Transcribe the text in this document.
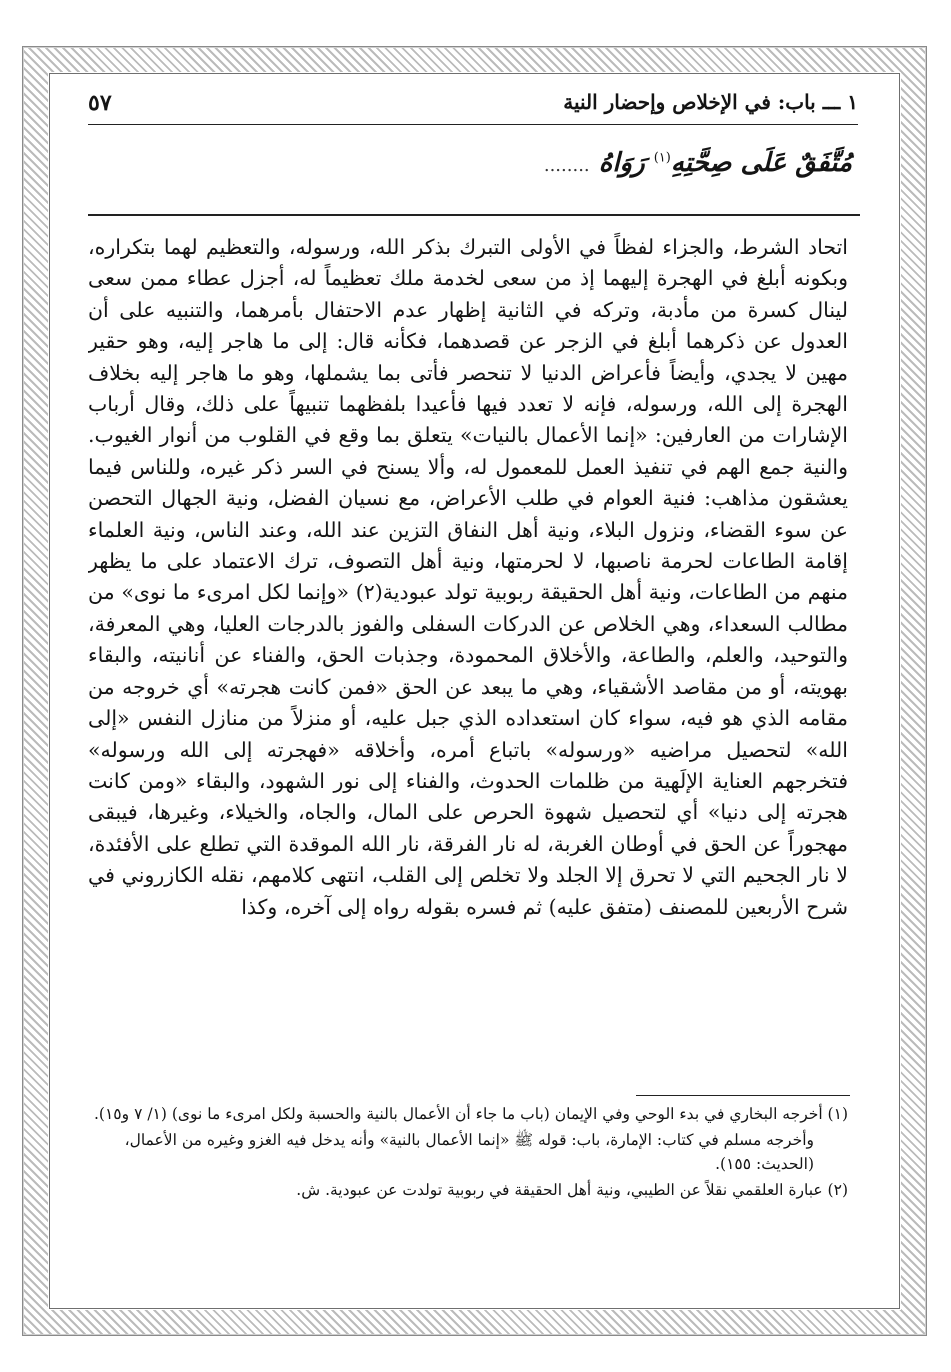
١ ـــ باب: في الإخلاص وإحضار النية
٥٧
مُتَّفَقٌ عَلَى صِحَّتِهِ$^{(١)}$ رَوَاهُ ........

اتحاد الشرط، والجزاء لفظاً في الأولى التبرك بذكر الله، ورسوله، والتعظيم لهما بتكراره، وبكونه أبلغ في الهجرة إليهما إذ من سعى لخدمة ملك تعظيماً له، أجزل عطاء ممن سعى لينال كسرة من مأدبة، وتركه في الثانية إظهار عدم الاحتفال بأمرهما، والتنبيه على أن العدول عن ذكرهما أبلغ في الزجر عن قصدهما، فكأنه قال: إلى ما هاجر إليه، وهو حقير مهين لا يجدي، وأيضاً فأعراض الدنيا لا تنحصر فأتى بما يشملها، وهو ما هاجر إليه بخلاف الهجرة إلى الله، ورسوله، فإنه لا تعدد فيها فأعيدا بلفظهما تنبيهاً على ذلك، وقال أرباب الإشارات من العارفين: «إنما الأعمال بالنيات» يتعلق بما وقع في القلوب من أنوار الغيوب. والنية جمع الهم في تنفيذ العمل للمعمول له، وألا يسنح في السر ذكر غيره، وللناس فيما يعشقون مذاهب: فنية العوام في طلب الأعراض، مع نسيان الفضل، ونية الجهال التحصن عن سوء القضاء، ونزول البلاء، ونية أهل النفاق التزين عند الله، وعند الناس، ونية العلماء إقامة الطاعات لحرمة ناصبها، لا لحرمتها، ونية أهل التصوف، ترك الاعتماد على ما يظهر منهم من الطاعات، ونية أهل الحقيقة ربوبية تولد عبودية(٢) «وإنما لكل امرىء ما نوى» من مطالب السعداء، وهي الخلاص عن الدركات السفلى والفوز بالدرجات العليا، وهي المعرفة، والتوحيد، والعلم، والطاعة، والأخلاق المحمودة، وجذبات الحق، والفناء عن أنانيته، والبقاء بهويته، أو من مقاصد الأشقياء، وهي ما يبعد عن الحق «فمن كانت هجرته» أي خروجه من مقامه الذي هو فيه، سواء كان استعداده الذي جبل عليه، أو منزلاً من منازل النفس «إلى الله» لتحصيل مراضيه «ورسوله» باتباع أمره، وأخلاقه «فهجرته إلى الله ورسوله» فتخرجهم العناية الإلَهية من ظلمات الحدوث، والفناء إلى نور الشهود، والبقاء «ومن كانت هجرته إلى دنيا» أي لتحصيل شهوة الحرص على المال، والجاه، والخيلاء، وغيرها، فيبقى مهجوراً عن الحق في أوطان الغربة، له نار الفرقة، نار الله الموقدة التي تطلع على الأفئدة، لا نار الجحيم التي لا تحرق إلا الجلد ولا تخلص إلى القلب، انتهى كلامهم، نقله الكازروني في شرح الأربعين للمصنف (متفق عليه) ثم فسره بقوله رواه إلى آخره، وكذا

(١) أخرجه البخاري في بدء الوحي وفي الإيمان (باب ما جاء أن الأعمال بالنية والحسبة ولكل امرىء ما نوى) (١/ ٧ و١٥).

وأخرجه مسلم في كتاب: الإمارة، باب: قوله ﷺ «إنما الأعمال بالنية» وأنه يدخل فيه الغزو وغيره من الأعمال، (الحديث: ١٥٥).

(٢) عبارة العلقمي نقلاً عن الطيبي، ونية أهل الحقيقة في ربوبية تولدت عن عبودية. ش.
